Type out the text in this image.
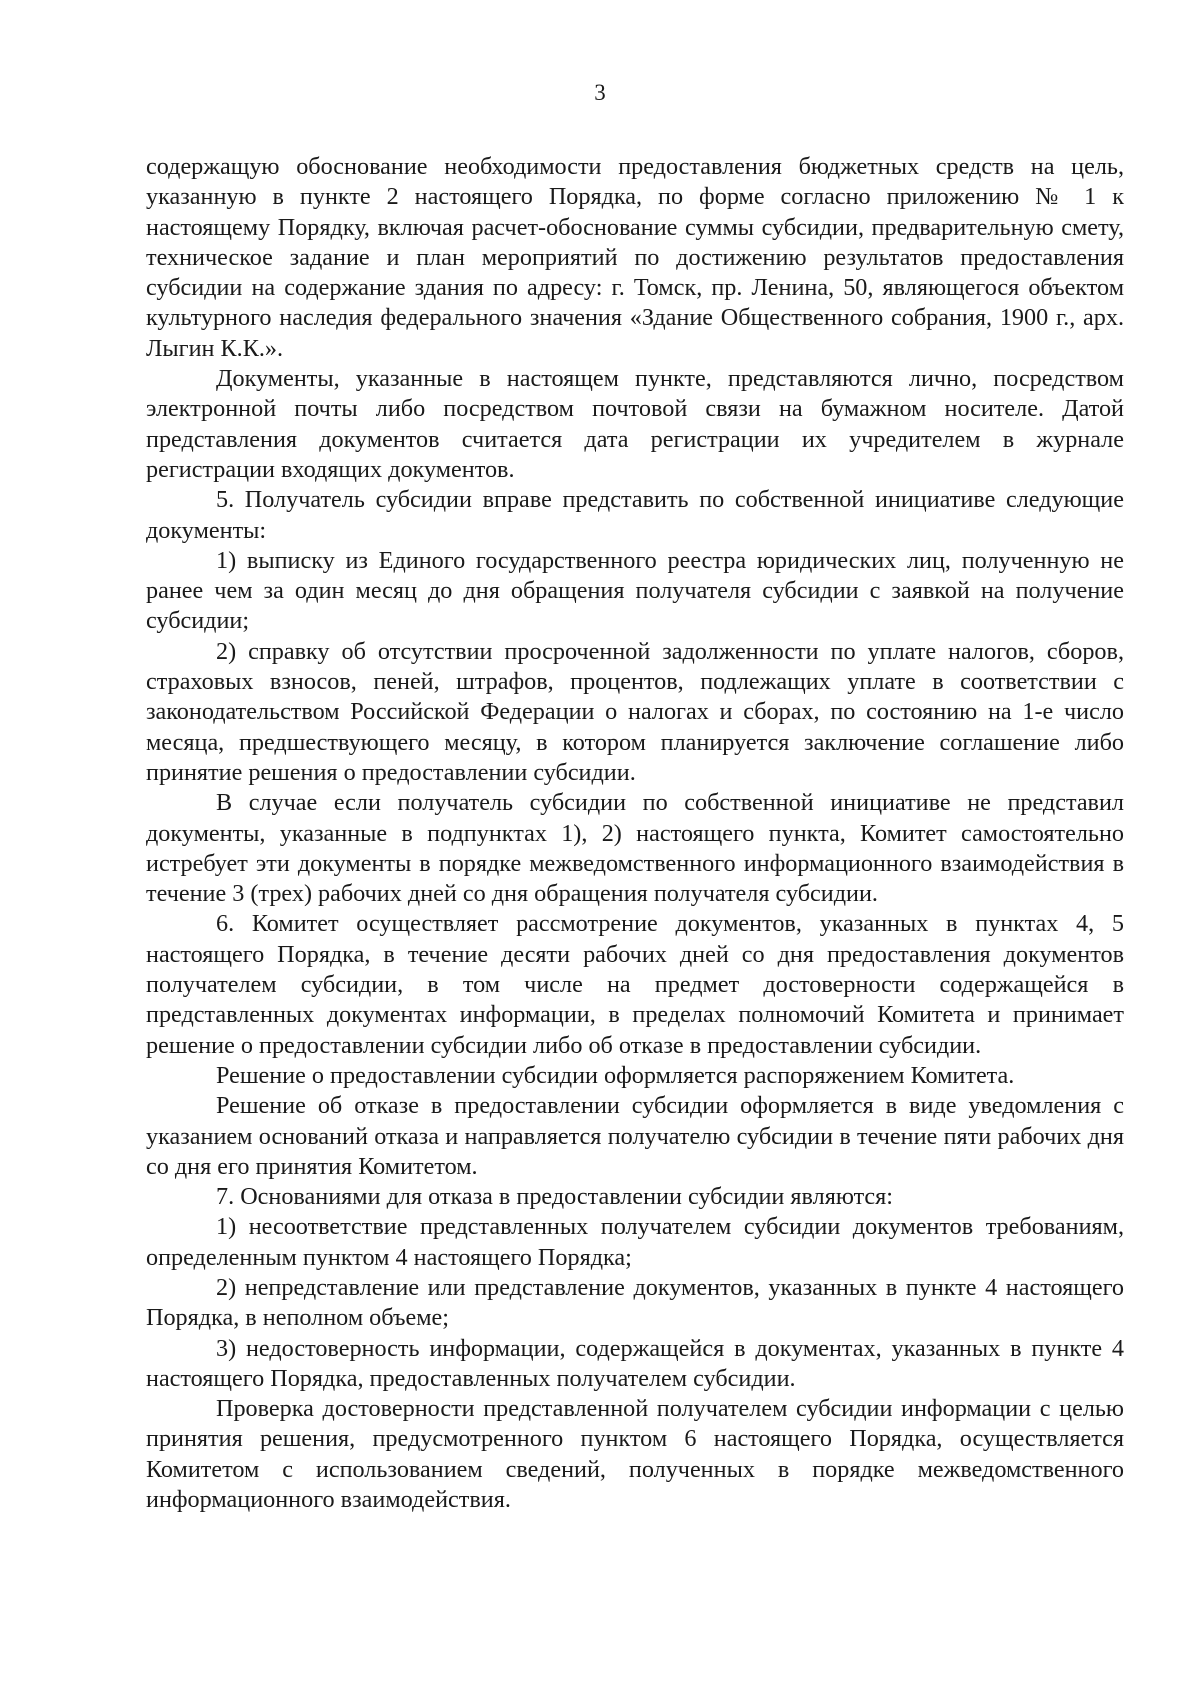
3

содержащую обоснование необходимости предоставления бюджетных средств на цель, указанную в пункте 2 настоящего Порядка, по форме согласно приложению № 1 к настоящему Порядку, включая расчет-обоснование суммы субсидии, предварительную смету, техническое задание и план мероприятий по достижению результатов предоставления субсидии на содержание здания по адресу: г. Томск, пр. Ленина, 50, являющегося объектом культурного наследия федерального значения «Здание Общественного собрания, 1900 г., арх. Лыгин К.К.».

Документы, указанные в настоящем пункте, представляются лично, посредством электронной почты либо посредством почтовой связи на бумажном носителе. Датой представления документов считается дата регистрации их учредителем в журнале регистрации входящих документов.

5. Получатель субсидии вправе представить по собственной инициативе следующие документы:

1) выписку из Единого государственного реестра юридических лиц, полученную не ранее чем за один месяц до дня обращения получателя субсидии с заявкой на получение субсидии;

2) справку об отсутствии просроченной задолженности по уплате налогов, сборов, страховых взносов, пеней, штрафов, процентов, подлежащих уплате в соответствии с законодательством Российской Федерации о налогах и сборах, по состоянию на 1-е число месяца, предшествующего месяцу, в котором планируется заключение соглашение либо принятие решения о предоставлении субсидии.

В случае если получатель субсидии по собственной инициативе не представил документы, указанные в подпунктах 1), 2) настоящего пункта, Комитет самостоятельно истребует эти документы в порядке межведомственного информационного взаимодействия в течение 3 (трех) рабочих дней со дня обращения получателя субсидии.

6. Комитет осуществляет рассмотрение документов, указанных в пунктах 4, 5 настоящего Порядка, в течение десяти рабочих дней со дня предоставления документов получателем субсидии, в том числе на предмет достоверности содержащейся в представленных документах информации, в пределах полномочий Комитета и принимает решение о предоставлении субсидии либо об отказе в предоставлении субсидии.

Решение о предоставлении субсидии оформляется распоряжением Комитета.

Решение об отказе в предоставлении субсидии оформляется в виде уведомления с указанием оснований отказа и направляется получателю субсидии в течение пяти рабочих дня со дня его принятия Комитетом.

7. Основаниями для отказа в предоставлении субсидии являются:

1) несоответствие представленных получателем субсидии документов требованиям, определенным пунктом 4 настоящего Порядка;

2) непредставление или представление документов, указанных в пункте 4 настоящего Порядка, в неполном объеме;

3) недостоверность информации, содержащейся в документах, указанных в пункте 4 настоящего Порядка, предоставленных получателем субсидии.

Проверка достоверности представленной получателем субсидии информации с целью принятия решения, предусмотренного пунктом 6 настоящего Порядка, осуществляется Комитетом с использованием сведений, полученных в порядке межведомственного информационного взаимодействия.
